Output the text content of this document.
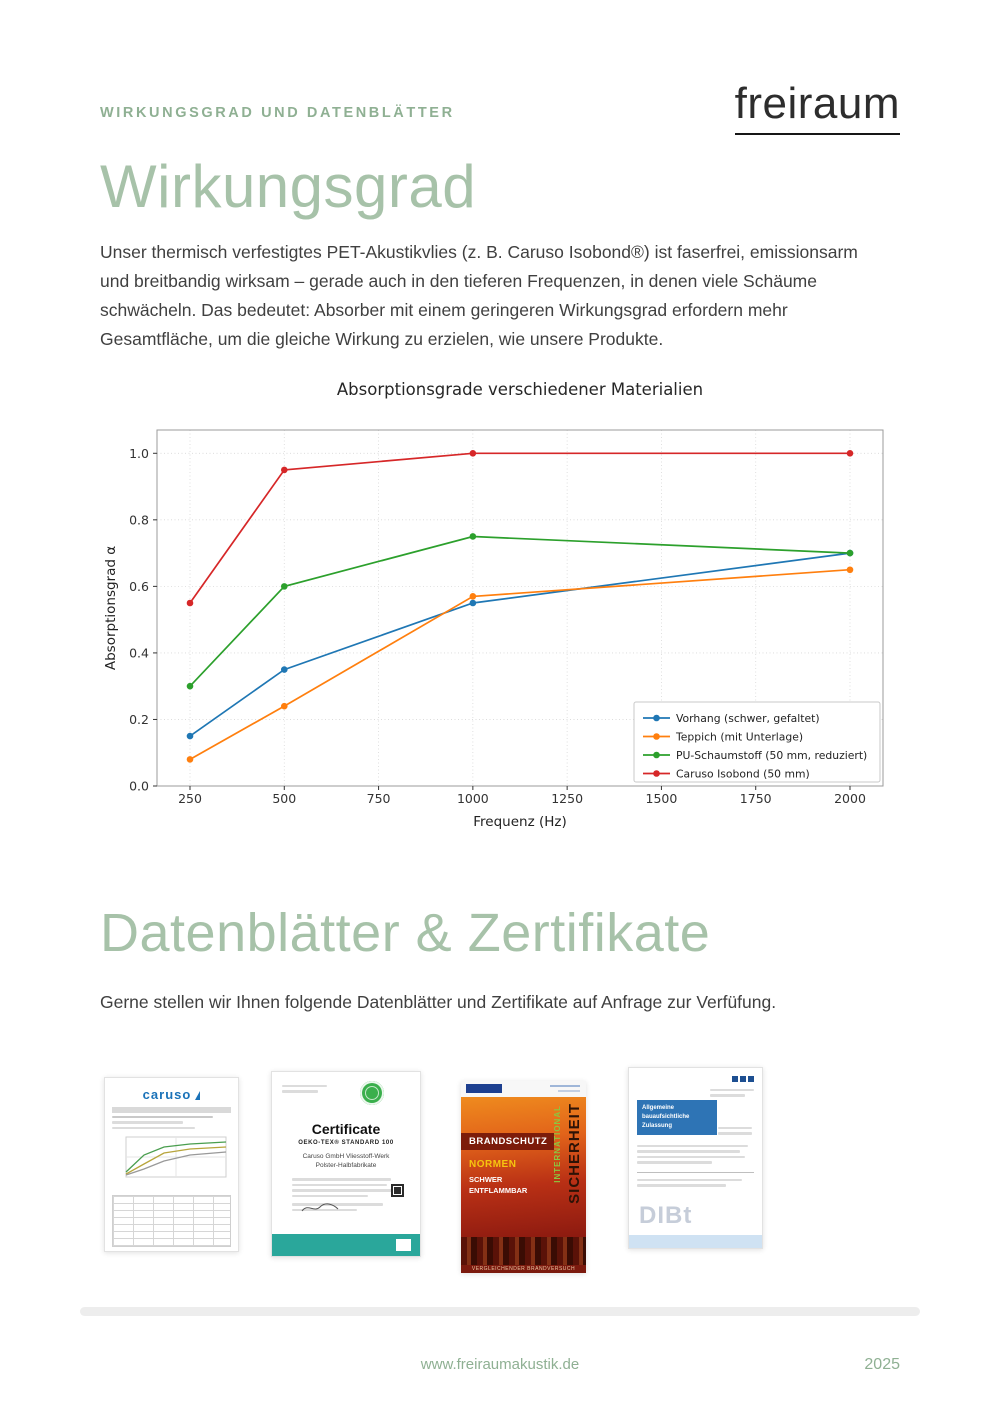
WIRKUNGSGRAD UND DATENBLÄTTER	freiraum
Wirkungsgrad

Unser thermisch verfestigtes PET-Akustikvlies (z. B. Caruso Isobond®) ist faserfrei, emissionsarm und breitbandig wirksam – gerade auch in den tieferen Frequenzen, in denen viele Schäume schwächeln. Das bedeutet: Absorber mit einem geringeren Wirkungsgrad erfordern mehr Gesamtfläche, um die gleiche Wirkung zu erzielen, wie unsere Produkte.

Absorptionsgrade verschiedener Materialien
250	500	750	1000	1250	1500	1750	2000
0.0
0.2
0.4
0.6
0.8
1.0
Frequenz (Hz)
Absorptionsgrad α
Vorhang (schwer, gefaltet)
Teppich (mit Unterlage)
PU-Schaumstoff (50 mm, reduziert)
Caruso Isobond (50 mm)
Datenblätter & Zertifikate

Gerne stellen wir Ihnen folgende Datenblätter und Zertifikate auf Anfrage zur Verfüfung.

caruso
Certificate
OEKO-TEX® STANDARD 100
Caruso GmbH Vliesstoff-Werk Polster-Halbfabrikate
BRANDSCHUTZ
NORMEN
SCHWER
ENTFLAMMBAR
INTERNATIONAL SICHERHEIT
VERGLEICHENDER BRANDVERSUCH
Allgemeine bauaufsichtliche Zulassung
DIBt
www.freiraumakustik.de	2025
